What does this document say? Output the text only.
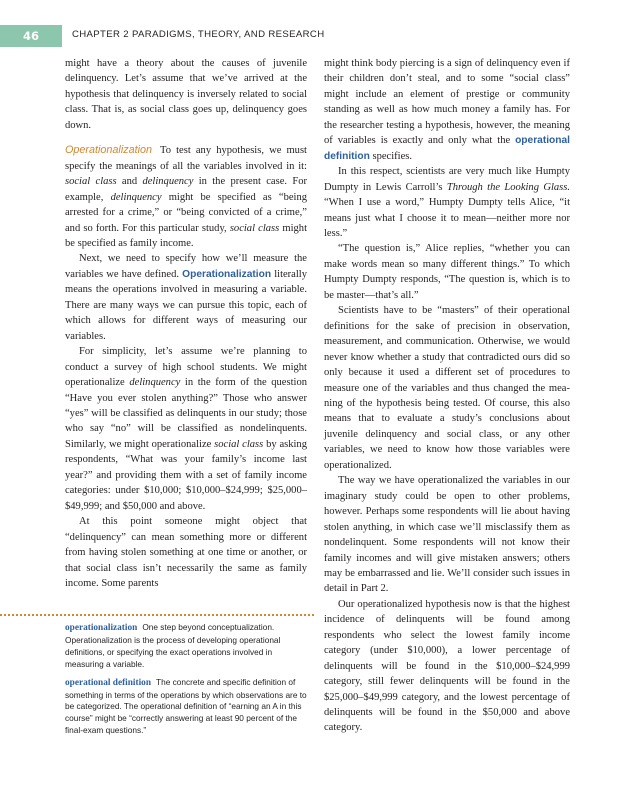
46	CHAPTER 2 PARADIGMS, THEORY, AND RESEARCH

might have a theory about the causes of juvenile delinquency. Let’s assume that we’ve arrived at the hypothesis that delinquency is inversely related to social class. That is, as social class goes up, delinquency goes down.

Operationalization To test any hypothesis, we must specify the meanings of all the variables involved in it: social class and delinquency in the present case. For example, delinquency might be specified as “being arrested for a crime,” or “being convicted of a crime,” and so forth. For this particular study, social class might be specified as family income.

Next, we need to specify how we’ll measure the variables we have defined. Operationalization literally means the operations involved in measuring a variable. There are many ways we can pursue this topic, each of which allows for different ways of measuring our variables.

For simplicity, let’s assume we’re planning to conduct a survey of high school students. We might operationalize delinquency in the form of the question “Have you ever stolen anything?” Those who answer “yes” will be classified as delinquents in our study; those who say “no” will be classified as nondelinquents. Similarly, we might operationalize social class by asking respondents, “What was your family’s income last year?” and providing them with a set of family income categories: under $10,000; $10,000–$24,999; $25,000–$49,999; and $50,000 and above.

At this point someone might object that “delinquency” can mean something more or different from having stolen something at one time or another, or that social class isn’t necessarily the same as family income. Some parents

operationalization One step beyond conceptualization. Operationalization is the process of developing operational definitions, or specifying the exact operations involved in measuring a variable.

operational definition The concrete and specific definition of something in terms of the operations by which observations are to be categorized. The operational definition of “earning an A in this course” might be “correctly answering at least 90 percent of the final-exam questions.”

might think body piercing is a sign of delinquency even if their children don’t steal, and to some “social class” might include an element of prestige or community standing as well as how much money a family has. For the researcher testing a hypothesis, however, the meaning of variables is exactly and only what the operational definition specifies.

In this respect, scientists are very much like Humpty Dumpty in Lewis Carroll’s Through the Looking Glass. “When I use a word,” Humpty Dumpty tells Alice, “it means just what I choose it to mean—neither more nor less.”

“The question is,” Alice replies, “whether you can make words mean so many different things.” To which Humpty Dumpty responds, “The question is, which is to be master—that’s all.”

Scientists have to be “masters” of their operational definitions for the sake of precision in observation, measurement, and communication. Otherwise, we would never know whether a study that contradicted ours did so only because it used a different set of procedures to measure one of the variables and thus changed the meaning of the hypothesis being tested. Of course, this also means that to evaluate a study’s conclusions about juvenile delinquency and social class, or any other variables, we need to know how those variables were operationalized.

The way we have operationalized the variables in our imaginary study could be open to other problems, however. Perhaps some respondents will lie about having stolen anything, in which case we’ll misclassify them as nondelinquent. Some respondents will not know their family incomes and will give mistaken answers; others may be embarrassed and lie. We’ll consider such issues in detail in Part 2.

Our operationalized hypothesis now is that the highest incidence of delinquents will be found among respondents who select the lowest family income category (under $10,000), a lower percentage of delinquents will be found in the $10,000–$24,999 category, still fewer delinquents will be found in the $25,000–$49,999 category, and the lowest percentage of delinquents will be found in the $50,000 and above category.
